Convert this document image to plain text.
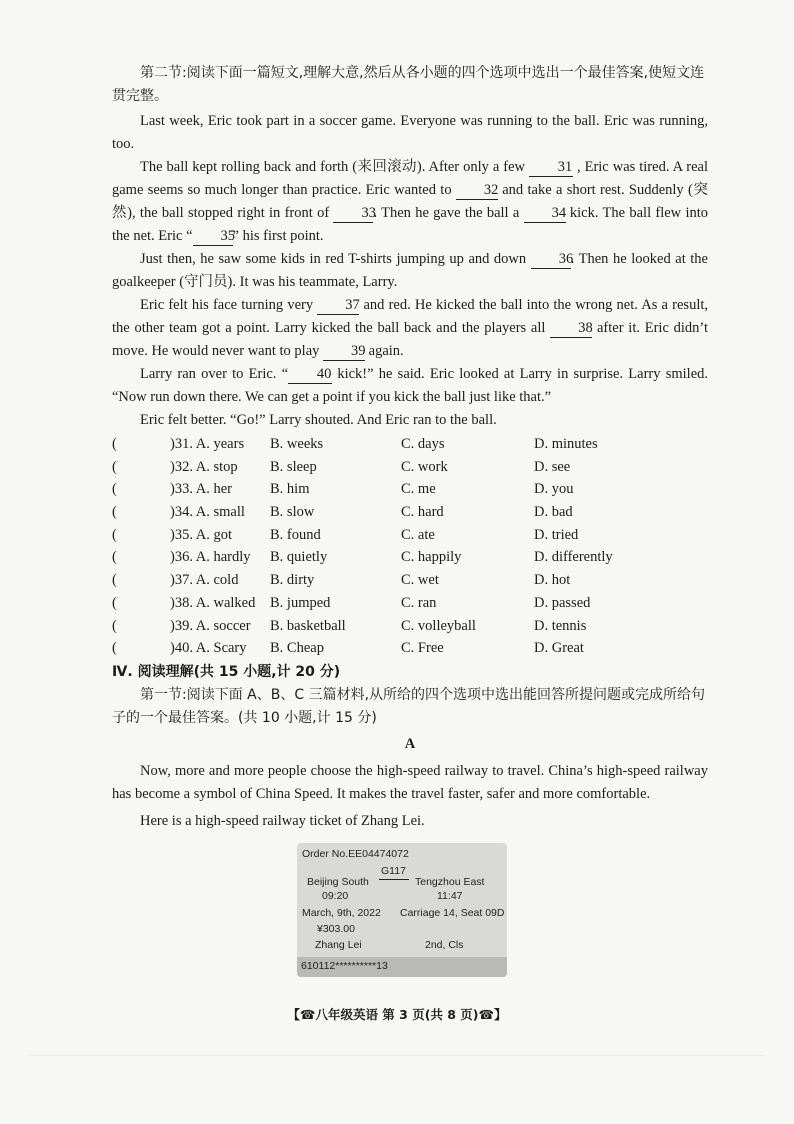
第二节:阅读下面一篇短文,理解大意,然后从各小题的四个选项中选出一个最佳答案,使短文连贯完整。

Last week, Eric took part in a soccer game. Everyone was running to the ball. Eric was running, too.

The ball kept rolling back and forth (来回滚动). After only a few 31 , Eric was tired. A real game seems so much longer than practice. Eric wanted to 32 and take a short rest. Suddenly (突然), the ball stopped right in front of 33. Then he gave the ball a 34 kick. The ball flew into the net. Eric “ 35” his first point.

Just then, he saw some kids in red T-shirts jumping up and down 36. Then he looked at the goalkeeper (守门员). It was his teammate, Larry.

Eric felt his face turning very 37 and red. He kicked the ball into the wrong net. As a result, the other team got a point. Larry kicked the ball back and the players all 38 after it. Eric didn’t move. He would never want to play 39 again.

Larry ran over to Eric. “ 40 kick!” he said. Eric looked at Larry in surprise. Larry smiled. “Now run down there. We can get a point if you kick the ball just like that.”

Eric felt better. “Go!” Larry shouted. And Eric ran to the ball.

(	)31. A. years	B. weeks	C. days	D. minutes
(	)32. A. stop	B. sleep	C. work	D. see
(	)33. A. her	B. him	C. me	D. you
(	)34. A. small	B. slow	C. hard	D. bad
(	)35. A. got	B. found	C. ate	D. tried
(	)36. A. hardly	B. quietly	C. happily	D. differently
(	)37. A. cold	B. dirty	C. wet	D. hot
(	)38. A. walked	B. jumped	C. ran	D. passed
(	)39. A. soccer	B. basketball	C. volleyball	D. tennis
(	)40. A. Scary	B. Cheap	C. Free	D. Great

Ⅳ. 阅读理解(共 15 小题,计 20 分)

第一节:阅读下面 A、B、C 三篇材料,从所给的四个选项中选出能回答所提问题或完成所给句子的一个最佳答案。(共 10 小题,计 15 分)

A

Now, more and more people choose the high-speed railway to travel. China’s high-speed railway has become a symbol of China Speed. It makes the travel faster, safer and more comfortable.

Here is a high-speed railway ticket of Zhang Lei.

Order No.EE04474072
G117
Beijing South	Tengzhou East
09:20	11:47
March, 9th, 2022 Carriage 14, Seat 09D
¥303.00
Zhang Lei	2nd, Cls
610112**********13
【☎八年级英语 第 3 页(共 8 页)☎】
